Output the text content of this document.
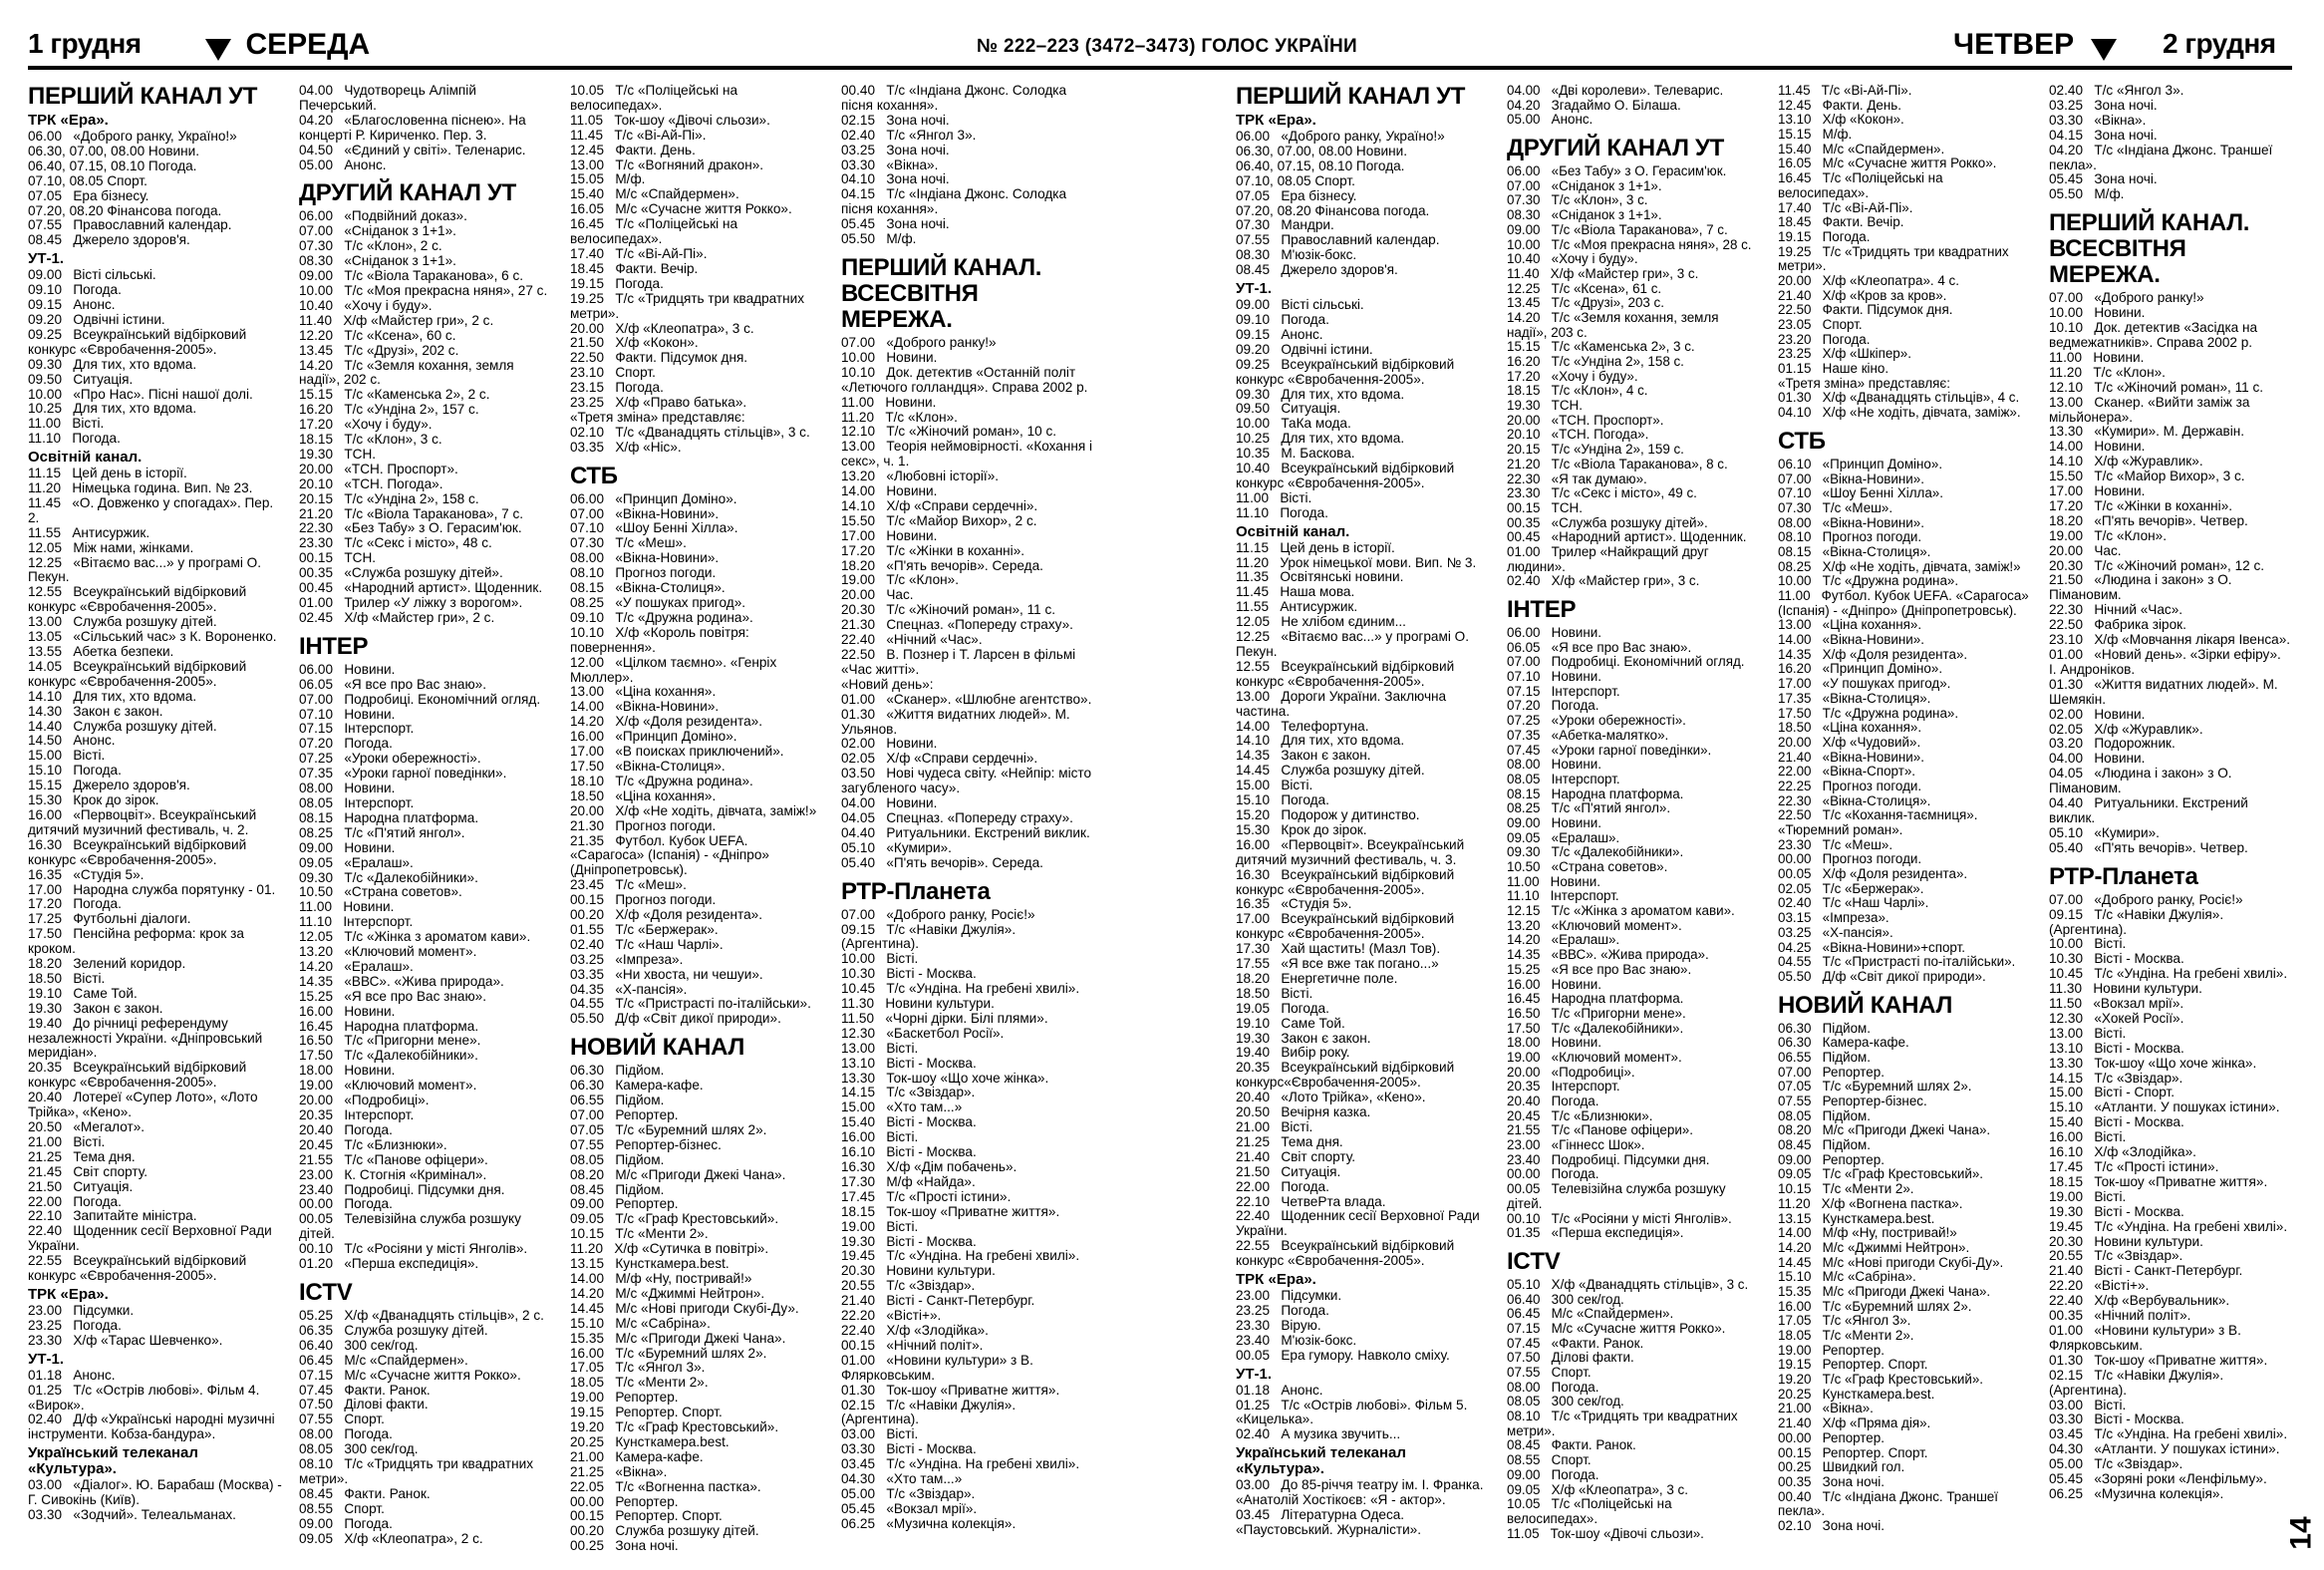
1 грудня	СЕРЕДА	№ 222–223 (3472–3473) ГОЛОС УКРАЇНИ	ЧЕТВЕР	2 грудня
ПЕРШИЙ КАНАЛ УТ
ТРК «Ера».
06.00   «Доброго ранку, Україно!»
06.30, 07.00, 08.00 Новини.
06.40, 07.15, 08.10 Погода.
07.10, 08.05 Спорт.
07.05   Ера бізнесу.
07.20, 08.20 Фінансова погода.
07.55   Православний календар.
08.45   Джерело здоров'я.
УТ-1.
09.00   Вісті сільські.
09.10   Погода.
09.15   Анонс.
09.20   Одвічні істини.
09.25   Всеукраїнський відбірковий конкурс «Євробачення-2005».
09.30   Для тих, хто вдома.
09.50   Ситуація.
10.00   «Про Нас». Пісні нашої долі.
10.25   Для тих, хто вдома.
11.00   Вісті.
11.10   Погода.
Освітній канал.
11.15   Цей день в історії.
11.20   Німецька година. Вип. № 23.
11.45   «О. Довженко у спогадах». Пер. 2.
11.55   Антисуржик.
12.05   Між нами, жінками.
12.25   «Вітаємо вас...» у програмі О. Пекун.
12.55   Всеукраїнський відбірковий конкурс «Євробачення-2005».
13.00   Служба розшуку дітей.
13.05   «Сільський час» з К. Вороненко.
13.55   Абетка безпеки.
14.05   Всеукраїнський відбірковий конкурс «Євробачення-2005».
14.10   Для тих, хто вдома.
14.30   Закон є закон.
14.40   Служба розшуку дітей.
14.50   Анонс.
15.00   Вісті.
15.10   Погода.
15.15   Джерело здоров'я.
15.30   Крок до зірок.
16.00   «Первоцвіт». Всеукраїнський дитячий музичний фестиваль, ч. 2.
16.30   Всеукраїнський відбірковий конкурс «Євробачення-2005».
16.35   «Студія 5».
17.00   Народна служба порятунку - 01.
17.20   Погода.
17.25   Футбольні діалоги.
17.50   Пенсійна реформа: крок за кроком.
18.20   Зелений коридор.
18.50   Вісті.
19.10   Саме Той.
19.30   Закон є закон.
19.40   До річниці референдуму незалежності України. «Дніпровський меридіан».
20.35   Всеукраїнський відбірковий конкурс «Євробачення-2005».
20.40   Лотереї «Супер Лото», «Лото Трійка», «Кено».
20.50   «Мегалот».
21.00   Вісті.
21.25   Тема дня.
21.45   Світ спорту.
21.50   Ситуація.
22.00   Погода.
22.10   Запитайте міністра.
22.40   Щоденник сесії Верховної Ради України.
22.55   Всеукраїнський відбірковий конкурс «Євробачення-2005».
ТРК «Ера».
23.00   Підсумки.
23.25   Погода.
23.30   Х/ф «Тарас Шевченко».
УТ-1.
01.18   Анонс.
01.25   Т/с «Острів любові». Фільм 4. «Вирок».
02.40   Д/ф «Українські народні музичні інструменти. Кобза-бандура».
Український телеканал «Культура».
03.00   «Діалог». Ю. Барабаш (Москва) - Г. Сивокінь (Київ).
03.30   «Зодчий». Телеальманах.
04.00   Чудотворець Алімпій Печерський.
04.20   «Благословенна піснею». На концерті Р. Кириченко. Пер. 3.
04.50   «Єдиний у світі». Теленарис.
05.00   Анонс.
ДРУГИЙ КАНАЛ УТ
06.00   «Подвійний доказ».
07.00   «Сніданок з 1+1».
07.30   Т/с «Клон», 2 с.
08.30   «Сніданок з 1+1».
09.00   Т/с «Віола Тараканова», 6 с.
10.00   Т/с «Моя прекрасна няня», 27 с.
10.40   «Хочу і буду».
11.40   Х/ф «Майстер гри», 2 с.
12.20   Т/с «Ксена», 60 с.
13.45   Т/с «Друзі», 202 с.
14.20   Т/с «Земля кохання, земля надії», 202 с.
15.15   Т/с «Каменська 2», 2 с.
16.20   Т/с «Ундіна 2», 157 с.
17.20   «Хочу і буду».
18.15   Т/с «Клон», 3 с.
19.30   ТСН.
20.00   «ТСН. Проспорт».
20.10   «ТСН. Погода».
20.15   Т/с «Ундіна 2», 158 с.
21.20   Т/с «Віола Тараканова», 7 с.
22.30   «Без Табу» з О. Герасим'юк.
23.30   Т/с «Секс і місто», 48 с.
00.15   ТСН.
00.35   «Служба розшуку дітей».
00.45   «Народний артист». Щоденник.
01.00   Трилер «У ліжку з ворогом».
02.45   Х/ф «Майстер гри», 2 с.
ІНТЕР
06.00   Новини.
06.05   «Я все про Вас знаю».
07.00   Подробиці. Економічний огляд.
07.10   Новини.
07.15   Інтерспорт.
07.20   Погода.
07.25   «Уроки обережності».
07.35   «Уроки гарної поведінки».
08.00   Новини.
08.05   Інтерспорт.
08.15   Народна платформа.
08.25   Т/с «П'ятий янгол».
09.00   Новини.
09.05   «Ералаш».
09.30   Т/с «Далекобійники».
10.50   «Страна советов».
11.00   Новини.
11.10   Інтерспорт.
12.05   Т/с «Жінка з ароматом кави».
13.20   «Ключовий момент».
14.20   «Ералаш».
14.35   «ВВС». «Жива природа».
15.25   «Я все про Вас знаю».
16.00   Новини.
16.45   Народна платформа.
16.50   Т/с «Пригорни мене».
17.50   Т/с «Далекобійники».
18.00   Новини.
19.00   «Ключовий момент».
20.00   «Подробиці».
20.35   Інтерспорт.
20.40   Погода.
20.45   Т/с «Близнюки».
21.55   Т/с «Панове офіцери».
23.00   К. Стогнія «Кримінал».
23.40   Подробиці. Підсумки дня.
00.00   Погода.
00.05   Телевізійна служба розшуку дітей.
00.10   Т/с «Росіяни у місті Янголів».
01.20   «Перша експедиція».
ICTV
05.25   Х/ф «Дванадцять стільців», 2 с.
06.35   Служба розшуку дітей.
06.40   300 сек/год.
06.45   М/с «Спайдермен».
07.15   М/с «Сучасне життя Рокко».
07.45   Факти. Ранок.
07.50   Ділові факти.
07.55   Спорт.
08.00   Погода.
08.05   300 сек/год.
08.10   Т/с «Тридцять три квадратних метри».
08.45   Факти. Ранок.
08.55   Спорт.
09.00   Погода.
09.05   Х/ф «Клеопатра», 2 с.
10.05   Т/с «Поліцейські на велосипедах».
11.05   Ток-шоу «Дівочі сльози».
11.45   Т/с «Ві-Ай-Пі».
12.45   Факти. День.
13.00   Т/с «Вогняний дракон».
15.05   М/ф.
15.40   М/с «Спайдермен».
16.05   М/с «Сучасне життя Рокко».
16.45   Т/с «Поліцейські на велосипедах».
17.40   Т/с «Ві-Ай-Пі».
18.45   Факти. Вечір.
19.15   Погода.
19.25   Т/с «Тридцять три квадратних метри».
20.00   Х/ф «Клеопатра», 3 с.
21.50   Х/ф «Кокон».
22.50   Факти. Підсумок дня.
23.10   Спорт.
23.15   Погода.
23.25   Х/ф «Право батька».
«Третя зміна» представляє:
02.10   Т/с «Дванадцять стільців», 3 с.
03.35   Х/ф «Ніс».
СТБ
06.00   «Принцип Доміно».
07.00   «Вікна-Новини».
07.10   «Шоу Бенні Хілла».
07.30   Т/с «Меш».
08.00   «Вікна-Новини».
08.10   Прогноз погоди.
08.15   «Вікна-Столиця».
08.25   «У пошуках пригод».
09.10   Т/с «Дружна родина».
10.10   Х/ф «Король повітря: повернення».
12.00   «Цілком таємно». «Генріх Мюллер».
13.00   «Ціна кохання».
14.00   «Вікна-Новини».
14.20   Х/ф «Доля резидента».
16.00   «Принцип Доміно».
17.00   «В поисках приключений».
17.50   «Вікна-Столиця».
18.10   Т/с «Дружна родина».
18.50   «Ціна кохання».
20.00   Х/ф «Не ходіть, дівчата, заміж!»
21.30   Прогноз погоди.
21.35   Футбол. Кубок UEFA. «Сарагоса» (Іспанія) - «Дніпро» (Дніпропетровськ).
23.45   Т/с «Меш».
00.15   Прогноз погоди.
00.20   Х/ф «Доля резидента».
01.55   Т/с «Бержерак».
02.40   Т/с «Наш Чарлі».
03.25   «Імпреза».
03.35   «Ни хвоста, ни чешуи».
04.35   «Х-пансія».
04.55   Т/с «Пристрасті по-італійськи».
05.50   Д/ф «Світ дикої природи».
НОВИЙ КАНАЛ
06.30   Підйом.
06.30   Камера-кафе.
06.55   Підйом.
07.00   Репортер.
07.05   Т/с «Буремний шлях 2».
07.55   Репортер-бізнес.
08.05   Підйом.
08.20   М/с «Пригоди Джекі Чана».
08.45   Підйом.
09.00   Репортер.
09.05   Т/с «Граф Крестовський».
10.15   Т/с «Менти 2».
11.20   Х/ф «Сутичка в повітрі».
13.15   Кунсткамера.best.
14.00   М/ф «Ну, постривай!»
14.20   М/с «Джиммі Нейтрон».
14.45   М/с «Нові пригоди Скубі-Ду».
15.10   М/с «Сабріна».
15.35   М/с «Пригоди Джекі Чана».
16.00   Т/с «Буремний шлях 2».
17.05   Т/с «Янгол 3».
18.05   Т/с «Менти 2».
19.00   Репортер.
19.15   Репортер. Спорт.
19.20   Т/с «Граф Крестовський».
20.25   Кунсткамера.best.
21.00   Камера-кафе.
21.25   «Вікна».
22.05   Т/с «Вогненна пастка».
00.00   Репортер.
00.15   Репортер. Спорт.
00.20   Служба розшуку дітей.
00.25   Зона ночі.
00.40   Т/с «Індіана Джонс. Солодка пісня кохання».
02.15   Зона ночі.
02.40   Т/с «Янгол 3».
03.25   Зона ночі.
03.30   «Вікна».
04.10   Зона ночі.
04.15   Т/с «Індіана Джонс. Солодка пісня кохання».
05.45   Зона ночі.
05.50   М/ф.
ПЕРШИЙ КАНАЛ. ВСЕСВІТНЯ МЕРЕЖА.
07.00   «Доброго ранку!»
10.00   Новини.
10.10   Док. детектив «Останній політ «Летючого голландця». Справа 2002 р.
11.00   Новини.
11.20   Т/с «Клон».
12.10   Т/с «Жіночий роман», 10 с.
13.00   Теорія неймовірності. «Кохання і секс», ч. 1.
13.20   «Любовні історії».
14.00   Новини.
14.10   Х/ф «Справи сердечні».
15.50   Т/с «Майор Вихор», 2 с.
17.00   Новини.
17.20   Т/с «Жінки в коханні».
18.20   «П'ять вечорів». Середа.
19.00   Т/с «Клон».
20.00   Час.
20.30   Т/с «Жіночий роман», 11 с.
21.30   Спецназ. «Попереду страху».
22.40   «Нічний «Час».
22.50   В. Познер і Т. Ларсен в фільмі «Час житті».
«Новий день»:
01.00   «Сканер». «Шлюбне агентство».
01.30   «Життя видатних людей». М. Ульянов.
02.00   Новини.
02.05   Х/ф «Справи сердечні».
03.50   Нові чудеса світу. «Нейпір: місто загубленого часу».
04.00   Новини.
04.05   Спецназ. «Попереду страху».
04.40   Ритуальники. Екстрений виклик.
05.10   «Кумири».
05.40   «П'ять вечорів». Середа.
РТР-Планета
07.00   «Доброго ранку, Росіє!»
09.15   Т/с «Навіки Джулія». (Аргентина).
10.00   Вісті.
10.30   Вісті - Москва.
10.45   Т/с «Ундіна. На гребені хвилі».
11.30   Новини культури.
11.50   «Чорні дірки. Білі плями».
12.30   «Баскетбол Росії».
13.00   Вісті.
13.10   Вісті - Москва.
13.30   Ток-шоу «Що хоче жінка».
14.15   Т/с «Звіздар».
15.00   «Хто там...»
15.40   Вісті - Москва.
16.00   Вісті.
16.10   Вісті - Москва.
16.30   Х/ф «Дім побачень».
17.30   М/ф «Найда».
17.45   Т/с «Прості істини».
18.15   Ток-шоу «Приватне життя».
19.00   Вісті.
19.30   Вісті - Москва.
19.45   Т/с «Ундіна. На гребені хвилі».
20.30   Новини культури.
20.55   Т/с «Звіздар».
21.40   Вісті - Санкт-Петербург.
22.20   «Вісті+».
22.40   Х/ф «Злодійка».
00.15   «Нічний політ».
01.00   «Новини культури» з В. Флярковським.
01.30   Ток-шоу «Приватне життя».
02.15   Т/с «Навіки Джулія». (Аргентина).
03.00   Вісті.
03.30   Вісті - Москва.
03.45   Т/с «Ундіна. На гребені хвилі».
04.30   «Хто там...»
05.00   Т/с «Звіздар».
05.45   «Вокзал мрії».
06.25   «Музична колекція».
ПЕРШИЙ КАНАЛ УТ
ТРК «Ера».
06.00   «Доброго ранку, Україно!»
06.30, 07.00, 08.00 Новини.
06.40, 07.15, 08.10 Погода.
07.10, 08.05 Спорт.
07.05   Ера бізнесу.
07.20, 08.20 Фінансова погода.
07.30   Мандри.
07.55   Православний календар.
08.30   М'юзік-бокс.
08.45   Джерело здоров'я.
УТ-1.
09.00   Вісті сільські.
09.10   Погода.
09.15   Анонс.
09.20   Одвічні істини.
09.25   Всеукраїнський відбірковий конкурс «Євробачення-2005».
09.30   Для тих, хто вдома.
09.50   Ситуація.
10.00   ТаКа мода.
10.25   Для тих, хто вдома.
10.35   М. Баскова.
10.40   Всеукраїнський відбірковий конкурс «Євробачення-2005».
11.00   Вісті.
11.10   Погода.
Освітній канал.
11.15   Цей день в історії.
11.20   Урок німецької мови. Вип. № 3.
11.35   Освітянські новини.
11.45   Наша мова.
11.55   Антисуржик.
12.05   Не хлібом єдиним...
12.25   «Вітаємо вас...» у програмі О. Пекун.
12.55   Всеукраїнський відбірковий конкурс «Євробачення-2005».
13.00   Дороги України. Заключна частина.
14.00   Телефортуна.
14.10   Для тих, хто вдома.
14.35   Закон є закон.
14.45   Служба розшуку дітей.
15.00   Вісті.
15.10   Погода.
15.20   Подорож у дитинство.
15.30   Крок до зірок.
16.00   «Первоцвіт». Всеукраїнський дитячий музичний фестиваль, ч. 3.
16.30   Всеукраїнський відбірковий конкурс «Євробачення-2005».
16.35   «Студія 5».
17.00   Всеукраїнський відбірковий конкурс «Євробачення-2005».
17.30   Хай щастить! (Мазл Тов).
17.55   «Я все вже так погано...»
18.20   Енергетичне поле.
18.50   Вісті.
19.05   Погода.
19.10   Саме Той.
19.30   Закон є закон.
19.40   Вибір року.
20.35   Всеукраїнський відбірковий конкурс«Євробачення-2005».
20.40   «Лото Трійка», «Кено».
20.50   Вечірня казка.
21.00   Вісті.
21.25   Тема дня.
21.40   Світ спорту.
21.50   Ситуація.
22.00   Погода.
22.10   ЧетвеРта влада.
22.40   Щоденник сесії Верховної Ради України.
22.55   Всеукраїнський відбірковий конкурс «Євробачення-2005».
ТРК «Ера».
23.00   Підсумки.
23.25   Погода.
23.30   Вірую.
23.40   М'юзік-бокс.
00.05   Ера гумору. Навколо сміху.
УТ-1.
01.18   Анонс.
01.25   Т/с «Острів любові». Фільм 5. «Кицелька».
02.40   А музика звучить...
Український телеканал «Культура».
03.00   До 85-річчя театру ім. І. Франка. «Анатолій Хостікоєв: «Я - актор».
03.45   Літературна Одеса. «Паустовський. Журналісти».
04.00   «Дві королеви». Телеварис.
04.20   Згадаймо О. Білаша.
05.00   Анонс.
ДРУГИЙ КАНАЛ УТ
06.00   «Без Табу» з О. Герасим'юк.
07.00   «Сніданок з 1+1».
07.30   Т/с «Клон», 3 с.
08.30   «Сніданок з 1+1».
09.00   Т/с «Віола Тараканова», 7 с.
10.00   Т/с «Моя прекрасна няня», 28 с.
10.40   «Хочу і буду».
11.40   Х/ф «Майстер гри», 3 с.
12.25   Т/с «Ксена», 61 с.
13.45   Т/с «Друзі», 203 с.
14.20   Т/с «Земля кохання, земля надії», 203 с.
15.15   Т/с «Каменська 2», 3 с.
16.20   Т/с «Ундіна 2», 158 с.
17.20   «Хочу і буду».
18.15   Т/с «Клон», 4 с.
19.30   ТСН.
20.00   «ТСН. Проспорт».
20.10   «ТСН. Погода».
20.15   Т/с «Ундіна 2», 159 с.
21.20   Т/с «Віола Тараканова», 8 с.
22.30   «Я так думаю».
23.30   Т/с «Секс і місто», 49 с.
00.15   ТСН.
00.35   «Служба розшуку дітей».
00.45   «Народний артист». Щоденник.
01.00   Трилер «Найкращий друг людини».
02.40   Х/ф «Майстер гри», 3 с.
ІНТЕР
06.00   Новини.
06.05   «Я все про Вас знаю».
07.00   Подробиці. Економічний огляд.
07.10   Новини.
07.15   Інтерспорт.
07.20   Погода.
07.25   «Уроки обережності».
07.35   «Абетка-малятко».
07.45   «Уроки гарної поведінки».
08.00   Новини.
08.05   Інтерспорт.
08.15   Народна платформа.
08.25   Т/с «П'ятий янгол».
09.00   Новини.
09.05   «Ералаш».
09.30   Т/с «Далекобійники».
10.50   «Страна советов».
11.00   Новини.
11.10   Інтерспорт.
12.15   Т/с «Жінка з ароматом кави».
13.20   «Ключовий момент».
14.20   «Ералаш».
14.35   «ВВС». «Жива природа».
15.25   «Я все про Вас знаю».
16.00   Новини.
16.45   Народна платформа.
16.50   Т/с «Пригорни мене».
17.50   Т/с «Далекобійники».
18.00   Новини.
19.00   «Ключовий момент».
20.00   «Подробиці».
20.35   Інтерспорт.
20.40   Погода.
20.45   Т/с «Близнюки».
21.55   Т/с «Панове офіцери».
23.00   «Гіннесс Шок».
23.40   Подробиці. Підсумки дня.
00.00   Погода.
00.05   Телевізійна служба розшуку дітей.
00.10   Т/с «Росіяни у місті Янголів».
01.35   «Перша експедиція».
ICTV
05.10   Х/ф «Дванадцять стільців», 3 с.
06.40   300 сек/год.
06.45   М/с «Спайдермен».
07.15   М/с «Сучасне життя Рокко».
07.45   «Факти. Ранок.
07.50   Ділові факти.
07.55   Спорт.
08.00   Погода.
08.05   300 сек/год.
08.10   Т/с «Тридцять три квадратних метри».
08.45   Факти. Ранок.
08.55   Спорт.
09.00   Погода.
09.05   Х/ф «Клеопатра», 3 с.
10.05   Т/с «Поліцейські на велосипедах».
11.05   Ток-шоу «Дівочі сльози».
11.45   Т/с «Ві-Ай-Пі».
12.45   Факти. День.
13.10   Х/ф «Кокон».
15.15   М/ф.
15.40   М/с «Спайдермен».
16.05   М/с «Сучасне життя Рокко».
16.45   Т/с «Поліцейські на велосипедах».
17.40   Т/с «Ві-Ай-Пі».
18.45   Факти. Вечір.
19.15   Погода.
19.25   Т/с «Тридцять три квадратних метри».
20.00   Х/ф «Клеопатра». 4 с.
21.40   Х/ф «Кров за кров».
22.50   Факти. Підсумок дня.
23.05   Спорт.
23.20   Погода.
23.25   Х/ф «Шкіпер».
01.15   Наше кіно.
«Третя зміна» представляє:
01.30   Х/ф «Дванадцять стільців», 4 с.
04.10   Х/ф «Не ходіть, дівчата, заміж».
СТБ
06.10   «Принцип Доміно».
07.00   «Вікна-Новини».
07.10   «Шоу Бенні Хілла».
07.30   Т/с «Меш».
08.00   «Вікна-Новини».
08.10   Прогноз погоди.
08.15   «Вікна-Столиця».
08.25   Х/ф «Не ходіть, дівчата, заміж!»
10.00   Т/с «Дружна родина».
11.00   Футбол. Кубок UEFA. «Сарагоса» (Іспанія) - «Дніпро» (Дніпропетровськ).
13.00   «Ціна кохання».
14.00   «Вікна-Новини».
14.35   Х/ф «Доля резидента».
16.20   «Принцип Доміно».
17.00   «У пошуках пригод».
17.35   «Вікна-Столиця».
17.50   Т/с «Дружна родина».
18.50   «Ціна кохання».
20.00   Х/ф «Чудовий».
21.40   «Вікна-Новини».
22.00   «Вікна-Спорт».
22.25   Прогноз погоди.
22.30   «Вікна-Столиця».
22.50   Т/с «Кохання-таємниця». «Тюремний роман».
23.30   Т/с «Меш».
00.00   Прогноз погоди.
00.05   Х/ф «Доля резидента».
02.05   Т/с «Бержерак».
02.40   Т/с «Наш Чарлі».
03.15   «Імпреза».
03.25   «Х-пансія».
04.25   «Вікна-Новини»+спорт.
04.55   Т/с «Пристрасті по-італійськи».
05.50   Д/ф «Світ дикої природи».
НОВИЙ КАНАЛ
06.30   Підйом.
06.30   Камера-кафе.
06.55   Підйом.
07.00   Репортер.
07.05   Т/с «Буремний шлях 2».
07.55   Репортер-бізнес.
08.05   Підйом.
08.20   М/с «Пригоди Джекі Чана».
08.45   Підйом.
09.00   Репортер.
09.05   Т/с «Граф Крестовський».
10.15   Т/с «Менти 2».
11.20   Х/ф «Вогнена пастка».
13.15   Кунсткамера.best.
14.00   М/ф «Ну, постривай!»
14.20   М/с «Джиммі Нейтрон».
14.45   М/с «Нові пригоди Скубі-Ду».
15.10   М/с «Сабріна».
15.35   М/с «Пригоди Джекі Чана».
16.00   Т/с «Буремний шлях 2».
17.05   Т/с «Янгол 3».
18.05   Т/с «Менти 2».
19.00   Репортер.
19.15   Репортер. Спорт.
19.20   Т/с «Граф Крестовський».
20.25   Кунсткамера.best.
21.00   «Вікна».
21.40   Х/ф «Пряма дія».
00.00   Репортер.
00.15   Репортер. Спорт.
00.25   Швидкий гол.
00.35   Зона ночі.
00.40   Т/с «Індіана Джонс. Траншеї пекла».
02.10   Зона ночі.
02.40   Т/с «Янгол 3».
03.25   Зона ночі.
03.30   «Вікна».
04.15   Зона ночі.
04.20   Т/с «Індіана Джонс. Траншеї пекла».
05.45   Зона ночі.
05.50   М/ф.
ПЕРШИЙ КАНАЛ. ВСЕСВІТНЯ МЕРЕЖА.
07.00   «Доброго ранку!»
10.00   Новини.
10.10   Док. детектив «Засідка на ведмежатників». Справа 2002 р.
11.00   Новини.
11.20   Т/с «Клон».
12.10   Т/с «Жіночий роман», 11 с.
13.00   Сканер. «Вийти заміж за мільйонера».
13.30   «Кумири». М. Державін.
14.00   Новини.
14.10   Х/ф «Журавлик».
15.50   Т/с «Майор Вихор», 3 с.
17.00   Новини.
17.20   Т/с «Жінки в коханні».
18.20   «П'ять вечорів». Четвер.
19.00   Т/с «Клон».
20.00   Час.
20.30   Т/с «Жіночий роман», 12 с.
21.50   «Людина і закон» з О. Пімановим.
22.30   Нічний «Час».
22.50   Фабрика зірок.
23.10   Х/ф «Мовчання лікаря Івенса».
01.00   «Новий день». «Зірки ефіру». І. Андроніков.
01.30   «Життя видатних людей». М. Шемякін.
02.00   Новини.
02.05   Х/ф «Журавлик».
03.20   Подорожник.
04.00   Новини.
04.05   «Людина і закон» з О. Пімановим.
04.40   Ритуальники. Екстрений виклик.
05.10   «Кумири».
05.40   «П'ять вечорів». Четвер.
РТР-Планета
07.00   «Доброго ранку, Росіє!»
09.15   Т/с «Навіки Джулія». (Аргентина).
10.00   Вісті.
10.30   Вісті - Москва.
10.45   Т/с «Ундіна. На гребені хвилі».
11.30   Новини культури.
11.50   «Вокзал мрії».
12.30   «Хокей Росії».
13.00   Вісті.
13.10   Вісті - Москва.
13.30   Ток-шоу «Що хоче жінка».
14.15   Т/с «Звіздар».
15.00   Вісті - Спорт.
15.10   «Атланти. У пошуках істини».
15.40   Вісті - Москва.
16.00   Вісті.
16.10   Х/ф «Злодійка».
17.45   Т/с «Прості істини».
18.15   Ток-шоу «Приватне життя».
19.00   Вісті.
19.30   Вісті - Москва.
19.45   Т/с «Ундіна. На гребені хвилі».
20.30   Новини культури.
20.55   Т/с «Звіздар».
21.40   Вісті - Санкт-Петербург.
22.20   «Вісті+».
22.40   Х/ф «Вербувальник».
00.35   «Нічний політ».
01.00   «Новини культури» з В. Флярковським.
01.30   Ток-шоу «Приватне життя».
02.15   Т/с «Навіки Джулія». (Аргентина).
03.00   Вісті.
03.30   Вісті - Москва.
03.45   Т/с «Ундіна. На гребені хвилі».
04.30   «Атланти. У пошуках істини».
05.00   Т/с «Звіздар».
05.45   «Зоряні роки «Ленфільму».
06.25   «Музична колекція».
14
